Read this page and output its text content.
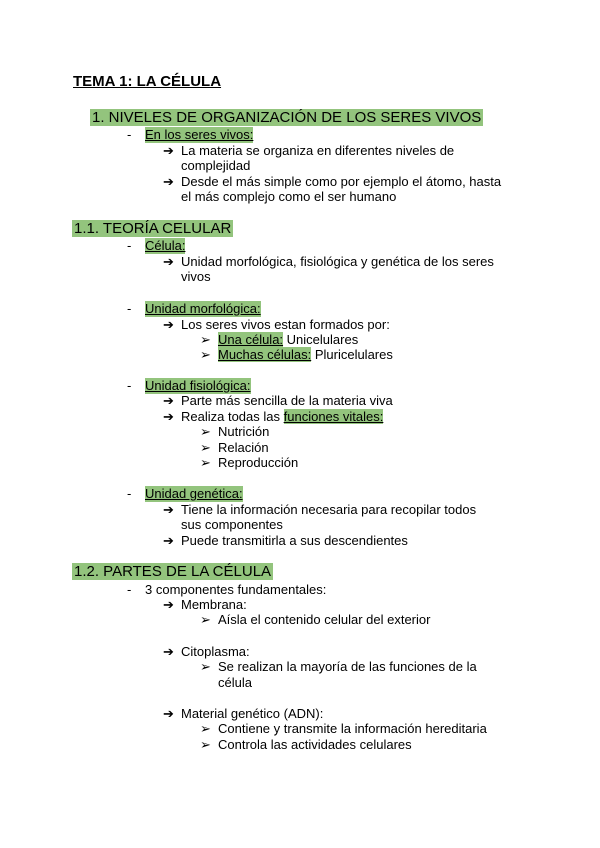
TEMA 1: LA CÉLULA
1. NIVELES DE ORGANIZACIÓN DE LOS SERES VIVOS
- En los seres vivos:
➔ La materia se organiza en diferentes niveles de
complejidad
➔ Desde el más simple como por ejemplo el átomo, hasta
el más complejo como el ser humano
1.1. TEORÍA CELULAR
- Célula:
➔ Unidad morfológica, fisiológica y genética de los seres
vivos
- Unidad morfológica:
➔ Los seres vivos estan formados por:
➢ Una célula: Unicelulares
➢ Muchas células: Pluricelulares
- Unidad fisiológica:
➔ Parte más sencilla de la materia viva
➔ Realiza todas las funciones vitales:
➢ Nutrición
➢ Relación
➢ Reproducción
- Unidad genética:
➔ Tiene la información necesaria para recopilar todos
sus componentes
➔ Puede transmitirla a sus descendientes
1.2. PARTES DE LA CÉLULA
- 3 componentes fundamentales:
➔ Membrana:
➢ Aísla el contenido celular del exterior
➔ Citoplasma:
➢ Se realizan la mayoría de las funciones de la
célula
➔ Material genético (ADN):
➢ Contiene y transmite la información hereditaria
➢ Controla las actividades celulares
